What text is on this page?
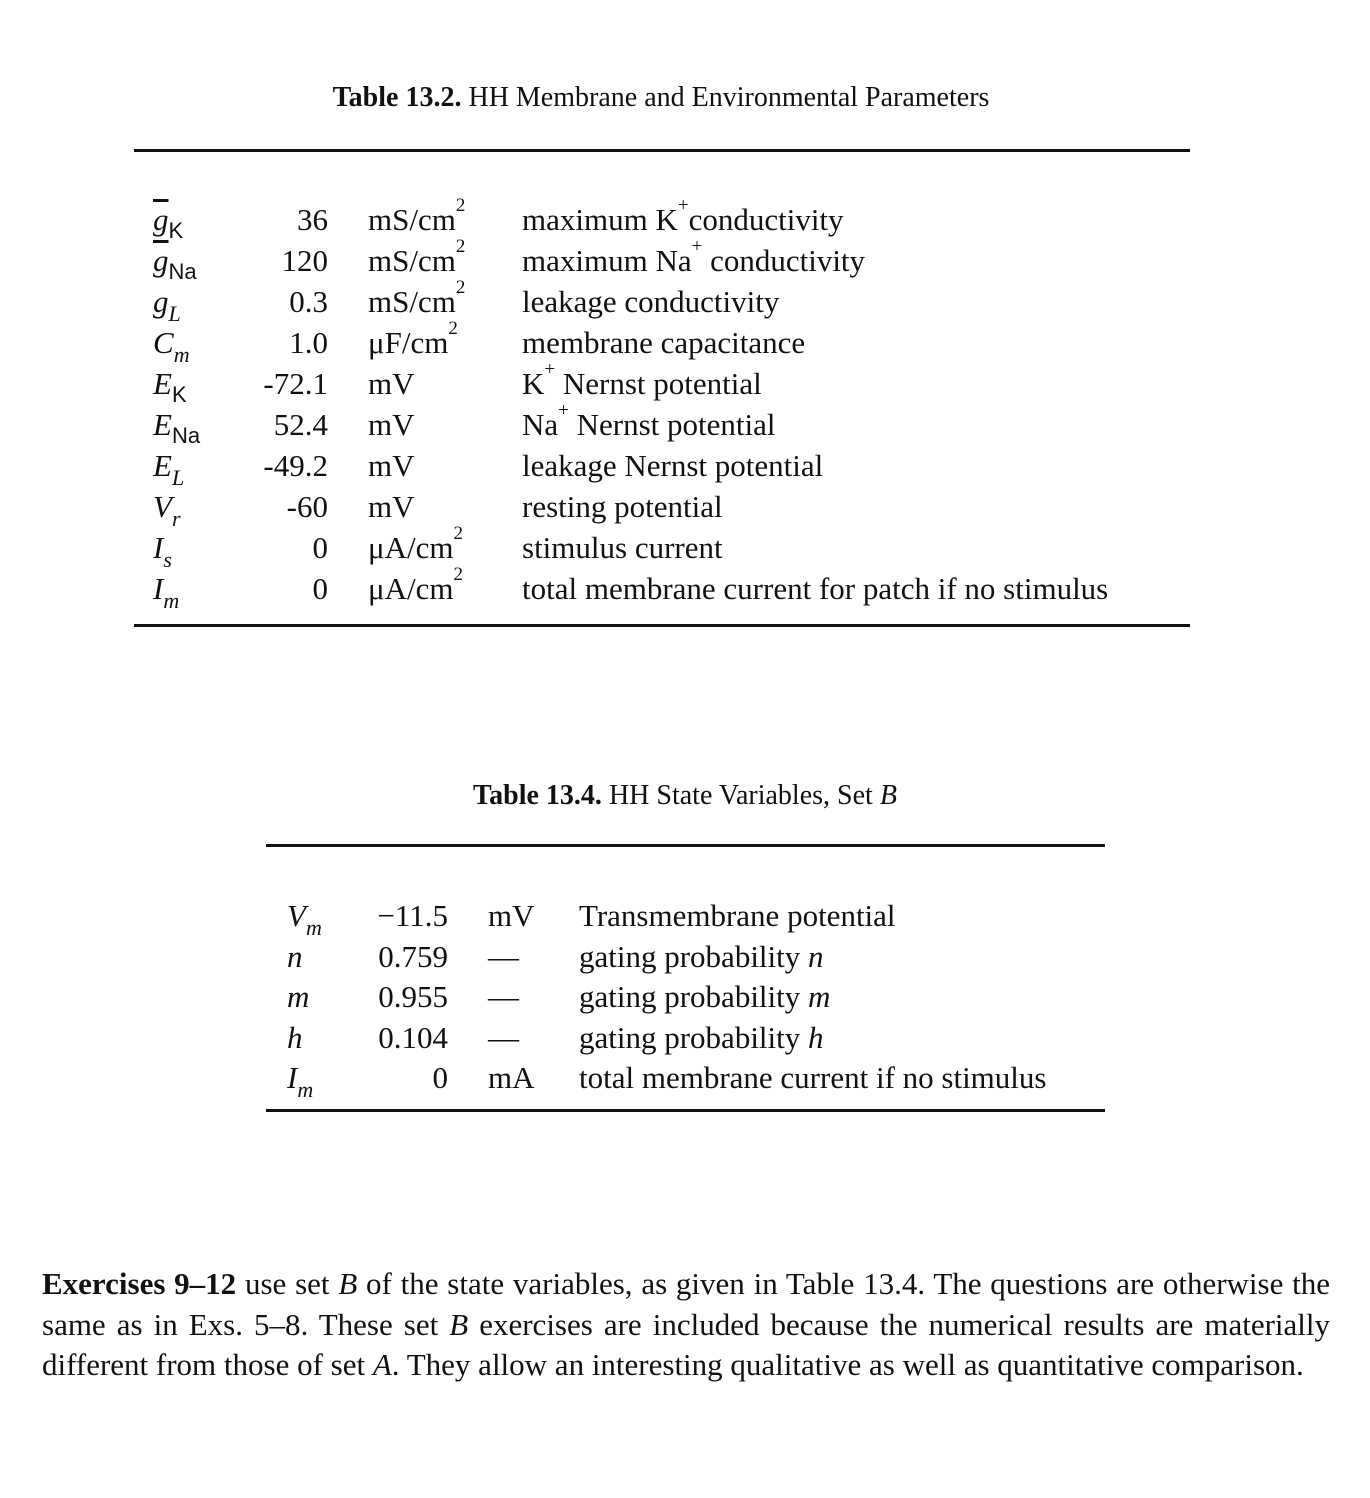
Table 13.2. HH Membrane and Environmental Parameters
$\overline{g}_K$	36 $mS/cm^2$ maximum K+conductivity
$\overline{g}_{Na}$	120 $mS/cm^2$ maximum Na+ conductivity
$g_L$	0.3 $mS/cm^2$ leakage conductivity
$C_m$	1.0 $\mu F/cm^2$ membrane capacitance
$E_K$	-72.1 mV	K+ Nernst potential
$E_{Na}$	52.4 mV	Na+ Nernst potential
$E_L$	-49.2 mV	leakage Nernst potential
$V_r$	-60 mV	resting potential
$I_s$	0 $\mu A/cm^2$ stimulus current
$I_m$	0 $\mu A/cm^2$ total membrane current for patch if no stimulus
Table 13.4. HH State Variables, Set B
$V_m$	−11.5 mV Transmembrane potential
n	0.759 — gating probability n
m	0.955 — gating probability m
h	0.104 — gating probability h
$I_m$	0 mA total membrane current if no stimulus
Exercises 9–12 use set B of the state variables, as given in Table 13.4. The questions are otherwise the same as in Exs. 5–8. These set B exercises are included because the numerical results are materially different from those of set A. They allow an interesting qualitative as well as quantitative comparison.
